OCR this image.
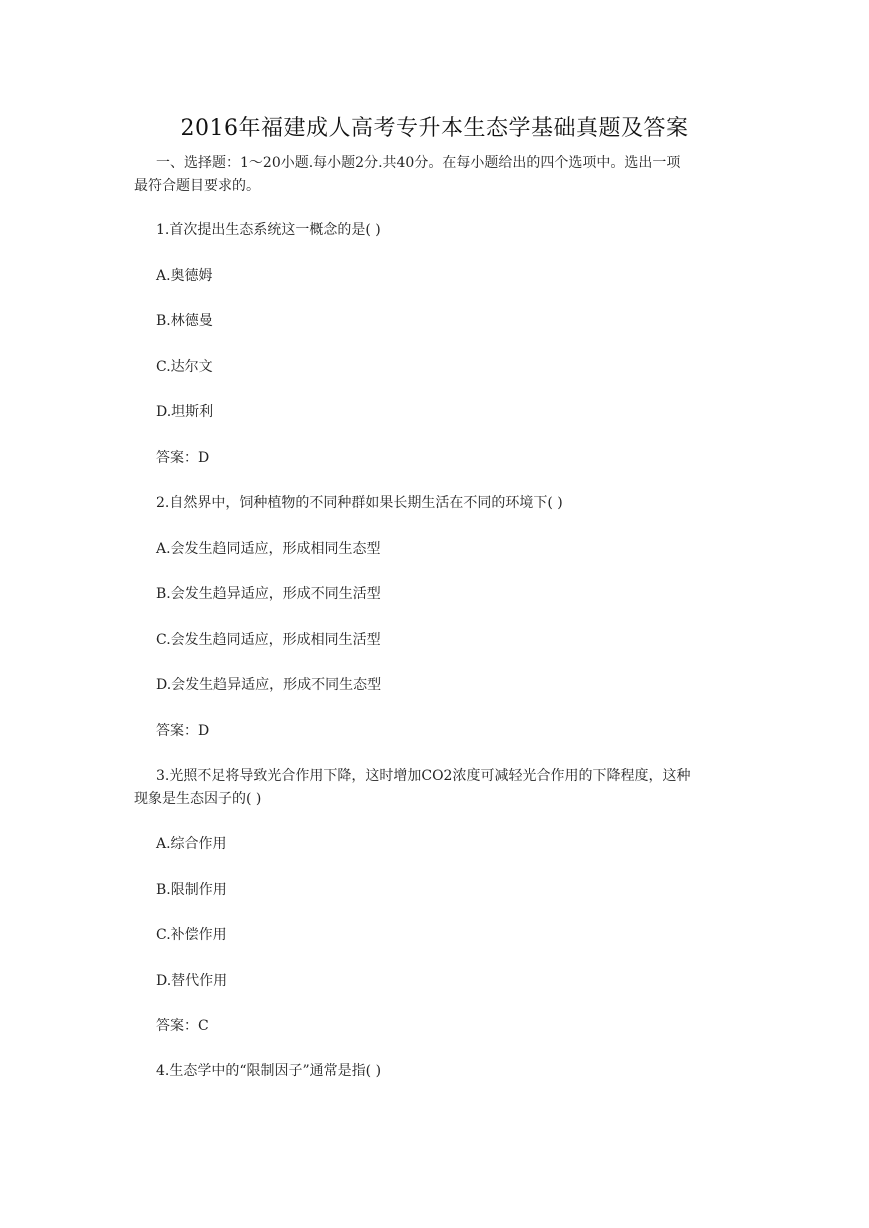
2016年福建成人高考专升本生态学基础真题及答案
一、选择题：1～20小题.每小题2分.共40分。在每小题给出的四个选项中。选出一项
最符合题目要求的。
1.首次提出生态系统这一概念的是( )
A.奥德姆
B.林德曼
C.达尔文
D.坦斯利
答案：D
2.自然界中，饲种植物的不同种群如果长期生活在不同的环境下( )
A.会发生趋同适应，形成相同生态型
B.会发生趋异适应，形成不同生活型
C.会发生趋同适应，形成相同生活型
D.会发生趋异适应，形成不同生态型
答案：D
3.光照不足将导致光合作用下降，这时增加CO2浓度可减轻光合作用的下降程度，这种
现象是生态因子的( )
A.综合作用
B.限制作用
C.补偿作用
D.替代作用
答案：C
4.生态学中的“限制因子”通常是指( )
